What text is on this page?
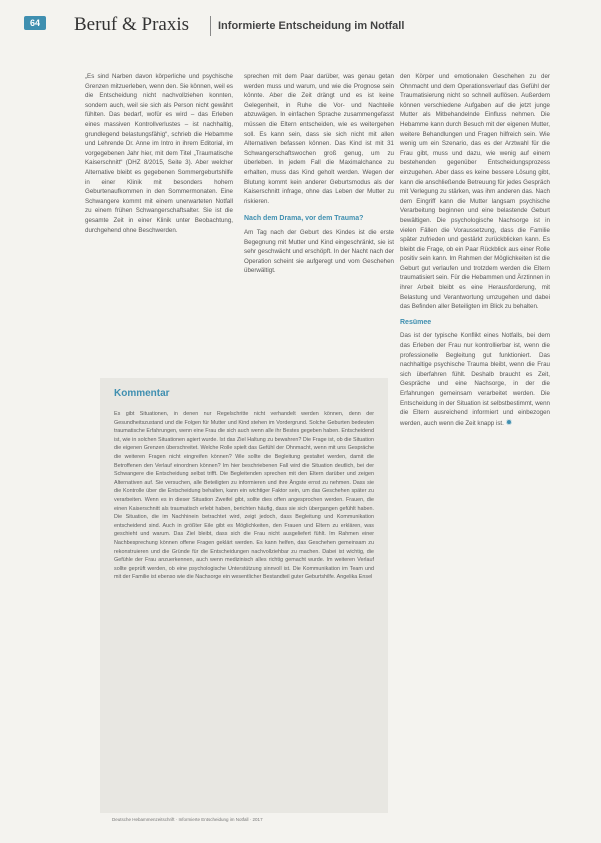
64	Beruf & Praxis	Informierte Entscheidung im Notfall

„Es sind Narben davon körperliche und psychische Grenzen mitzuerleben, wenn den. Sie können, weil es die Entscheidung nicht nachvollziehen konnten, sondern auch, weil sie sich als Person nicht gewährt fühlten. Das bedarf, wofür es wird – das Erleben eines massiven Kontrollverlustes – ist nachhaltig, grundlegend belastungsfähig“, schrieb die Hebamme und Lehrende Dr. Anne im Intro in ihrem Editorial, im vorgegebenen Jahr hier, mit dem Titel „Traumatische Kaiserschnitt“ (DHZ 8/2015, Seite 3). Aber welcher Alternative bleibt es gegebenen Sommergeburtshilfe in einer Klinik mit besonders hohem Geburtenaufkommen in den Sommermonaten. Eine Schwangere kommt mit einem unerwarteten Notfall zu einem frühen Schwangerschaftsalter. Sie ist die gesamte Zeit in einer Klinik unter Beobachtung, durchgehend ohne Beschwerden.

sprechen mit dem Paar darüber, was genau getan werden muss und warum, und wie die Prognose sein könnte. Aber die Zeit drängt und es ist keine Gelegenheit, in Ruhe die Vor- und Nachteile abzuwägen. In einfachen Sprache zusammengefasst müssen die Eltern entscheiden, wie es weitergehen soll. Es kann sein, dass sie sich nicht mit allen Alternativen befassen können. Das Kind ist mit 31 Schwangerschaftswochen groß genug, um zu überleben. In jedem Fall die Maximalchance zu erhalten, muss das Kind geholt werden. Wegen der Blutung kommt kein anderer Geburtsmodus als der Kaiserschnitt infrage, ohne das Leben der Mutter zu riskieren.

Nach dem Drama, vor dem Trauma?

Am Tag nach der Geburt des Kindes ist die erste Begegnung mit Mutter und Kind eingeschränkt, sie ist sehr geschwächt und erschöpft. In der Nacht nach der Operation scheint sie aufgeregt und vom Geschehen überwältigt.

Kommentar
Es gibt Situationen, in denen nur Regelschritte nicht verhandelt werden können, denn der Gesundheitszustand und die Folgen für Mutter und Kind stehen im Vordergrund. Solche Geburten bedeuten traumatische Erfahrungen, wenn eine Frau die sich auch wenn alle ihr Bestes gegeben haben. Entscheidend ist, wie in solchen Situationen agiert wurde. Ist das Ziel Haltung zu bewahren? Die Frage ist, ob die Situation die eigenen Grenzen überschreitet. Welche Rolle spielt das Gefühl der Ohnmacht, wenn mit uns Gespräche die weiteren Fragen nicht eingreifen können? Wie sollte die Begleitung gestaltet werden, damit die Betroffenen den Verlauf einordnen können? Im hier beschriebenen Fall wird die Situation deutlich, bei der Schwangere die Entscheidung selbst trifft. Die Begleitenden sprechen mit den Eltern darüber und zeigen Alternativen auf. Sie versuchen, alle Beteiligten zu informieren und ihre Ängste ernst zu nehmen. Dass sie die Kontrolle über die Entscheidung behalten, kann ein wichtiger Faktor sein, um das Geschehen später zu verarbeiten. Wenn es in dieser Situation Zweifel gibt, sollte dies offen angesprochen werden. Frauen, die einen Kaiserschnitt als traumatisch erlebt haben, berichten häufig, dass sie sich übergangen gefühlt haben. Die Situation, die im Nachhinein betrachtet wird, zeigt jedoch, dass Begleitung und Kommunikation entscheidend sind. Auch in größter Eile gibt es Möglichkeiten, den Frauen und Eltern zu erklären, was geschieht und warum. Das Ziel bleibt, dass sich die Frau nicht ausgeliefert fühlt. Im Rahmen einer Nachbesprechung können offene Fragen geklärt werden. Es kann helfen, das Geschehen gemeinsam zu rekonstruieren und die Gründe für die Entscheidungen nachvollziehbar zu machen. Dabei ist wichtig, die Gefühle der Frau anzuerkennen, auch wenn medizinisch alles richtig gemacht wurde. Im weiteren Verlauf sollte geprüft werden, ob eine psychologische Unterstützung sinnvoll ist. Die Kommunikation im Team und mit der Familie ist ebenso wie die Nachsorge ein wesentlicher Bestandteil guter Geburtshilfe. Angelika Ensel

den Körper und emotionalen Geschehen zu der Ohnmacht und dem Operationsverlauf das Gefühl der Traumatisierung nicht so schnell auflösen. Außerdem können verschiedene Aufgaben auf die jetzt junge Mutter als Mitbehandelnde Einfluss nehmen. Die Hebamme kann durch Besuch mit der eigenen Mutter, weitere Behandlungen und Fragen hilfreich sein. Wie wenig um ein Szenario, das es der Arztwahl für die Frau gibt, muss und dazu, wie wenig auf einem bestehenden gegenüber Entscheidungsprozess einzugehen. Aber dass es keine bessere Lösung gibt, kann die anschließende Betreuung für jedes Gespräch mit Verlegung zu stärken, was ihm anderen das. Nach dem Eingriff kann die Mutter langsam psychische Verarbeitung beginnen und eine belastende Geburt bewältigen. Die psychologische Nachsorge ist in vielen Fällen die Voraussetzung, dass die Familie später zufrieden und gestärkt zurückblicken kann. Es bleibt die Frage, ob ein Paar Rückblick aus einer Rolle positiv sein kann. Im Rahmen der Möglichkeiten ist die Geburt gut verlaufen und trotzdem werden die Eltern traumatisiert sein. Für die Hebammen und Ärztinnen in ihrer Arbeit bleibt es eine Herausforderung, mit Belastung und Verantwortung umzugehen und dabei das Befinden aller Beteiligten im Blick zu behalten.

Resümee

Das ist der typische Konflikt eines Notfalls, bei dem das Erleben der Frau nur kontrollierbar ist, wenn die professionelle Begleitung gut funktioniert. Das nachhaltige psychische Trauma bleibt, wenn die Frau sich überfahren fühlt. Deshalb braucht es Zeit, Gespräche und eine Nachsorge, in der die Erfahrungen gemeinsam verarbeitet werden. Die Entscheidung in der Situation ist selbstbestimmt, wenn die Eltern ausreichend informiert und einbezogen werden, auch wenn die Zeit knapp ist. ✹

Deutsche Hebammenzeitschrift · Informierte Entscheidung im Notfall · 2017
